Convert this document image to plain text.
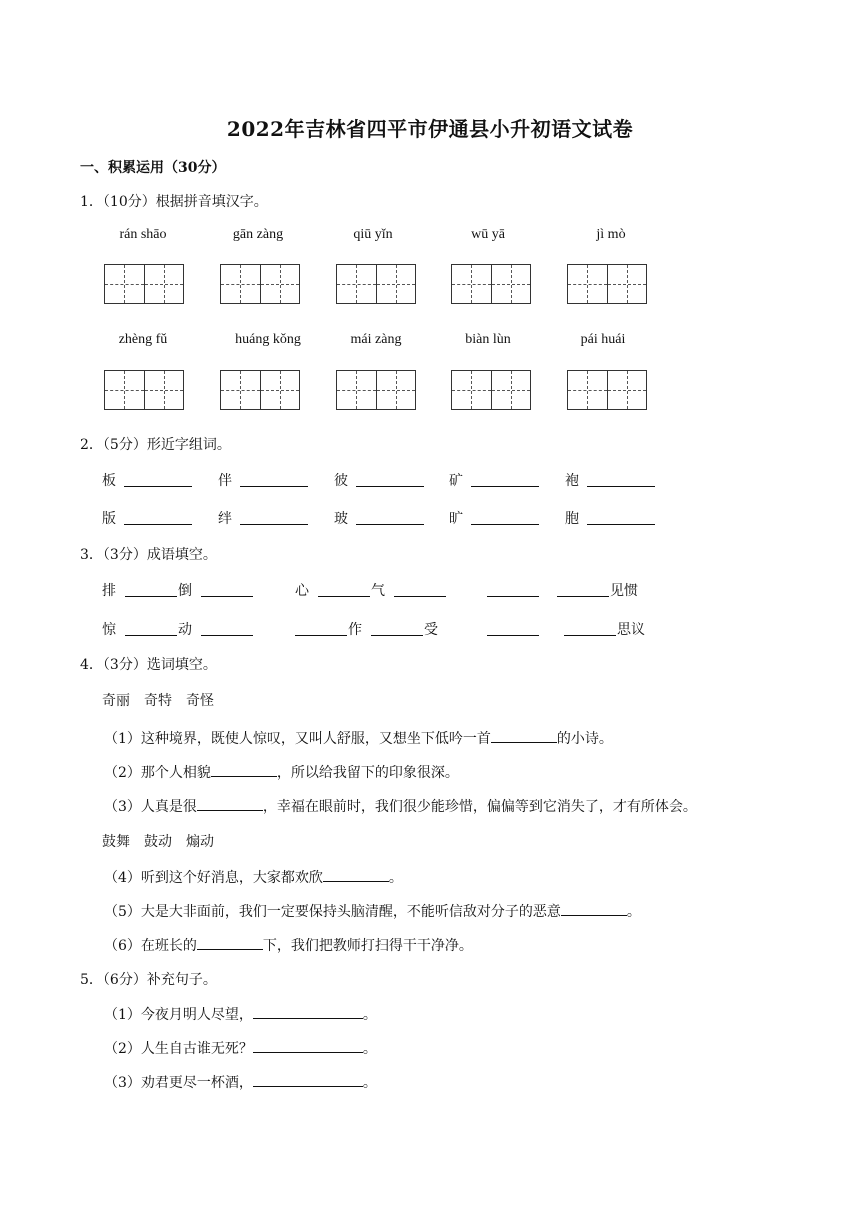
2022年吉林省四平市伊通县小升初语文试卷
一、积累运用（30分）
1．（10分）根据拼音填汉字。
rán shāo	gān zàng	qiū yǐn	wū yā	jì mò
zhèng fǔ	huáng kǒng	mái zàng	biàn lùn	pái huái
2．（5分）形近字组词。
板	伴	彼	矿	袍
版	绊	玻	旷	胞
3．（3分）成语填空。
排	倒	心	气	见惯
惊	动	作	受	思议
4．（3分）选词填空。
奇丽　奇特　奇怪
（1）这种境界，既使人惊叹，又叫人舒服，又想坐下低吟一首	的小诗。
（2）那个人相貌	，所以给我留下的印象很深。
（3）人真是很	，幸福在眼前时，我们很少能珍惜，偏偏等到它消失了，才有所体会。
鼓舞　鼓动　煽动
（4）听到这个好消息，大家都欢欣	。
（5）大是大非面前，我们一定要保持头脑清醒，不能听信敌对分子的恶意	。
（6）在班长的	下，我们把教师打扫得干干净净。
5．（6分）补充句子。
（1）今夜月明人尽望，	。
（2）人生自古谁无死？	。
（3）劝君更尽一杯酒，	。
